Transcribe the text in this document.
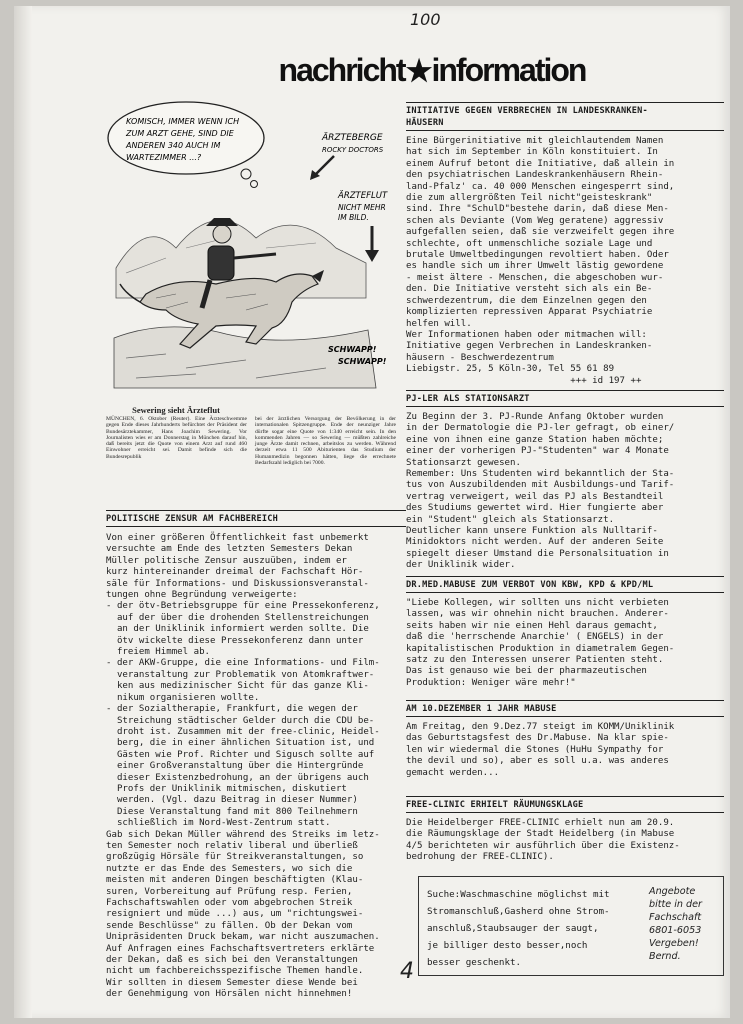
100
nachricht★information
KOMISCH, IMMER WENN ICH
ZUM ARZT GEHE, SIND DIE
ANDEREN 340 AUCH IM
WARTEZIMMER ...?
ÄRZTEBERGE
ROCKY DOCTORS
ÄRZTEFLUT
NICHT MEHR
IM BILD.
SCHWAPP!
SCHWAPP!
Sewering sieht Ärzteflut
MÜNCHEN, 6. Oktober (Reuter). Eine Ärzteschwemme gegen Ende dieses Jahrhunderts befürchtet der Präsident der Bundesärztekammer, Hans Joachim Sewering. Vor Journalisten wies er am Donnerstag in München darauf hin, daß bereits jetzt die Quote von einem Arzt auf rund 460 Einwohner erreicht sei. Damit befinde sich die Bundesrepublik
bei der ärztlichen Versorgung der Bevölkerung in der internationalen Spitzengruppe. Ende der neunziger Jahre dürfte sogar eine Quote von 1:340 erreicht sein. In den kommenden Jahren — so Sewering — müßten zahlreiche junge Ärzte damit rechnen, arbeitslos zu werden. Während derzeit etwa 11 500 Abiturienten das Studium der Humanmedizin begonnen hätten, liege die errechnete Bedarfszahl lediglich bei 7000.
POLITISCHE ZENSUR AM FACHBEREICH
Von einer größeren Öffentlichkeit fast unbemerkt
versuchte am Ende des letzten Semesters Dekan
Müller politische Zensur auszuüben, indem er
kurz hintereinander dreimal der Fachschaft Hör-
säle für Informations- und Diskussionsveranstal-
tungen ohne Begründung verweigerte:
- der ötv-Betriebsgruppe für eine Pressekonferenz,
auf der über die drohenden Stellenstreichungen
an der Uniklinik informiert werden sollte. Die
ötv wickelte diese Pressekonferenz dann unter
freiem Himmel ab.
- der AKW-Gruppe, die eine Informations- und Film-
veranstaltung zur Problematik von Atomkraftwer-
ken aus medizinischer Sicht für das ganze Kli-
nikum organisieren wollte.
- der Sozialtherapie, Frankfurt, die wegen der
Streichung städtischer Gelder durch die CDU be-
droht ist. Zusammen mit der free-clinic, Heidel-
berg, die in einer ähnlichen Situation ist, und
Gästen wie Prof. Richter und Sigusch sollte auf
einer Großveranstaltung über die Hintergründe
dieser Existenzbedrohung, an der übrigens auch
Profs der Uniklinik mitmischen, diskutiert
werden. (Vgl. dazu Beitrag in dieser Nummer)
Diese Veranstaltung fand mit 800 Teilnehmern
schließlich im Nord-West-Zentrum statt.
Gab sich Dekan Müller während des Streiks im letz-
ten Semester noch relativ liberal und überließ
großzügig Hörsäle für Streikveranstaltungen, so
nutzte er das Ende des Semesters, wo sich die
meisten mit anderen Dingen beschäftigten (Klau-
suren, Vorbereitung auf Prüfung resp. Ferien,
Fachschaftswahlen oder vom abgebrochen Streik
resigniert und müde ...) aus, um "richtungswei-
sende Beschlüsse" zu fällen. Ob der Dekan vom
Unipräsidenten Druck bekam, war nicht auszumachen.
Auf Anfragen eines Fachschaftsvertreters erklärte
der Dekan, daß es sich bei den Veranstaltungen
nicht um fachbereichsspezifische Themen handle.
Wir sollten in diesem Semester diese Wende bei
der Genehmigung von Hörsälen nicht hinnehmen!
INITIATIVE GEGEN VERBRECHEN IN LANDESKRANKEN-
HÄUSERN
Eine Bürgerinitiative mit gleichlautendem Namen
hat sich im September in Köln konstituiert. In
einem Aufruf betont die Initiative, daß allein in
den psychiatrischen Landeskrankenhäusern Rhein-
land-Pfalz' ca. 40 000 Menschen eingesperrt sind,
die zum allergrößten Teil nicht"geisteskrank"
sind. Ihre "SchulD"bestehe darin, daß diese Men-
schen als Deviante (Vom Weg geratene) aggressiv
aufgefallen seien, daß sie verzweifelt gegen ihre
schlechte, oft unmenschliche soziale Lage und
brutale Umweltbedingungen revoltiert haben. Oder
es handle sich um ihrer Umwelt lästig gewordene
- meist ältere - Menschen, die abgeschoben wur-
den. Die Initiative versteht sich als ein Be-
schwerdezentrum, die dem Einzelnen gegen den
komplizierten repressiven Apparat Psychiatrie
helfen will.
Wer Informationen haben oder mitmachen will:
Initiative gegen Verbrechen in Landeskranken-
häusern - Beschwerdezentrum
Liebigstr. 25, 5 Köln-30, Tel 55 61 89
+++ id 197 ++
PJ-LER ALS STATIONSARZT
Zu Beginn der 3. PJ-Runde Anfang Oktober wurden
in der Dermatologie die PJ-ler gefragt, ob einer/
eine von ihnen eine ganze Station haben möchte;
einer der vorherigen PJ-"Studenten" war 4 Monate
Stationsarzt gewesen.
Remember: Uns Studenten wird bekanntlich der Sta-
tus von Auszubildenden mit Ausbildungs-und Tarif-
vertrag verweigert, weil das PJ als Bestandteil
des Studiums gewertet wird. Hier fungierte aber
ein "Student" gleich als Stationsarzt.
Deutlicher kann unsere Funktion als Nulltarif-
Minidoktors nicht werden. Auf der anderen Seite
spiegelt dieser Umstand die Personalsituation in
der Uniklinik wider.
DR.MED.MABUSE ZUM VERBOT VON KBW, KPD & KPD/ML
"Liebe Kollegen, wir sollten uns nicht verbieten
lassen, was wir ohnehin nicht brauchen. Anderer-
seits haben wir nie einen Hehl daraus gemacht,
daß die 'herrschende Anarchie' ( ENGELS) in der
kapitalistischen Produktion in diametralem Gegen-
satz zu den Interessen unserer Patienten steht.
Das ist genauso wie bei der pharmazeutischen
Produktion: Weniger wäre mehr!"
AM 10.DEZEMBER 1 JAHR MABUSE
Am Freitag, den 9.Dez.77 steigt im KOMM/Uniklinik
das Geburtstagsfest des Dr.Mabuse. Na klar spie-
len wir wiedermal die Stones (HuHu Sympathy for
the devil und so), aber es soll u.a. was anderes
gemacht werden...
FREE-CLINIC ERHIELT RÄUMUNGSKLAGE
Die Heidelberger FREE-CLINIC erhielt nun am 20.9.
die Räumungsklage der Stadt Heidelberg (in Mabuse
4/5 berichteten wir ausführlich über die Existenz-
bedrohung der FREE-CLINIC).
Suche:Waschmaschine möglichst mit
Stromanschluß,Gasherd ohne Strom-
anschluß,Staubsauger der saugt,
je billiger desto besser,noch
besser geschenkt.
Angebote
bitte in der
Fachschaft
6801-6053
Vergeben!
Bernd.
4
